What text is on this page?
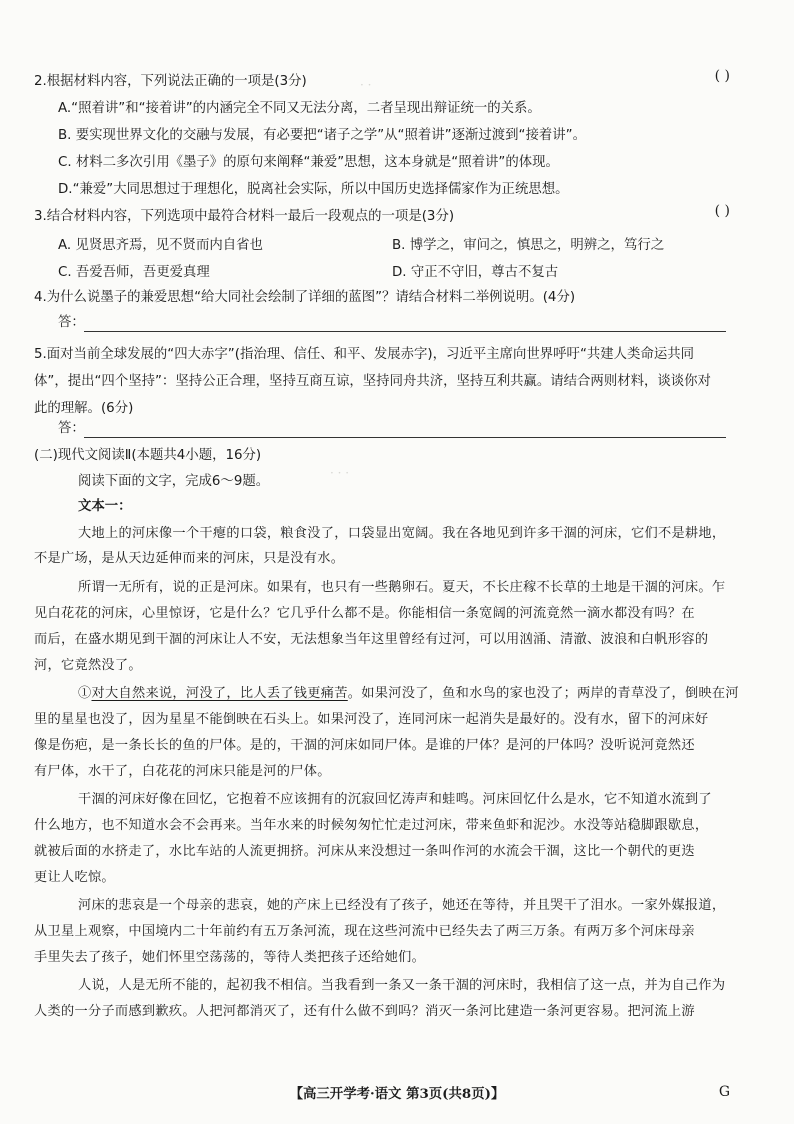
· ·
· · ·
2.根据材料内容，下列说法正确的一项是(3分)	( )
A.“照着讲”和“接着讲”的内涵完全不同又无法分离，二者呈现出辩证统一的关系。
B. 要实现世界文化的交融与发展，有必要把“诸子之学”从“照着讲”逐渐过渡到“接着讲”。
C. 材料二多次引用《墨子》的原句来阐释“兼爱”思想，这本身就是“照着讲”的体现。
D.“兼爱”大同思想过于理想化，脱离社会实际，所以中国历史选择儒家作为正统思想。
3.结合材料内容，下列选项中最符合材料一最后一段观点的一项是(3分)	( )
A. 见贤思齐焉，见不贤而内自省也	B. 博学之，审问之，慎思之，明辨之，笃行之
C. 吾爱吾师，吾更爱真理	D. 守正不守旧，尊古不复古
4.为什么说墨子的兼爱思想“给大同社会绘制了详细的蓝图”？请结合材料二举例说明。(4分)
答：
5.面对当前全球发展的“四大赤字”(指治理、信任、和平、发展赤字)，习近平主席向世界呼吁“共建人类命运共同
体”，提出“四个坚持”：坚持公正合理，坚持互商互谅，坚持同舟共济，坚持互利共赢。请结合两则材料，谈谈你对
此的理解。(6分)
答：
(二)现代文阅读Ⅱ(本题共4小题，16分)
阅读下面的文字，完成6～9题。
文本一：
大地上的河床像一个干瘪的口袋，粮食没了，口袋显出宽阔。我在各地见到许多干涸的河床，它们不是耕地，
不是广场，是从天边延伸而来的河床，只是没有水。
所谓一无所有，说的正是河床。如果有，也只有一些鹅卵石。夏天，不长庄稼不长草的土地是干涸的河床。乍
见白花花的河床，心里惊讶，它是什么？它几乎什么都不是。你能相信一条宽阔的河流竟然一滴水都没有吗？在
而后，在盛水期见到干涸的河床让人不安，无法想象当年这里曾经有过河，可以用汹涌、清澈、波浪和白帆形容的
河，它竟然没了。
①对大自然来说，河没了，比人丢了钱更痛苦。如果河没了，鱼和水鸟的家也没了；两岸的青草没了，倒映在河
里的星星也没了，因为星星不能倒映在石头上。如果河没了，连同河床一起消失是最好的。没有水，留下的河床好
像是伤疤，是一条长长的鱼的尸体。是的，干涸的河床如同尸体。是谁的尸体？是河的尸体吗？没听说河竟然还
有尸体，水干了，白花花的河床只能是河的尸体。
干涸的河床好像在回忆，它抱着不应该拥有的沉寂回忆涛声和蛙鸣。河床回忆什么是水，它不知道水流到了
什么地方，也不知道水会不会再来。当年水来的时候匆匆忙忙走过河床，带来鱼虾和泥沙。水没等站稳脚跟歇息，
就被后面的水挤走了，水比车站的人流更拥挤。河床从来没想过一条叫作河的水流会干涸，这比一个朝代的更迭
更让人吃惊。
河床的悲哀是一个母亲的悲哀，她的产床上已经没有了孩子，她还在等待，并且哭干了泪水。一家外媒报道，
从卫星上观察，中国境内二十年前约有五万条河流，现在这些河流中已经失去了两三万条。有两万多个河床母亲
手里失去了孩子，她们怀里空荡荡的，等待人类把孩子还给她们。
人说，人是无所不能的，起初我不相信。当我看到一条又一条干涸的河床时，我相信了这一点，并为自己作为
人类的一分子而感到歉疚。人把河都消灭了，还有什么做不到吗？消灭一条河比建造一条河更容易。把河流上游
【高三开学考·语文 第3页(共8页)】	G
